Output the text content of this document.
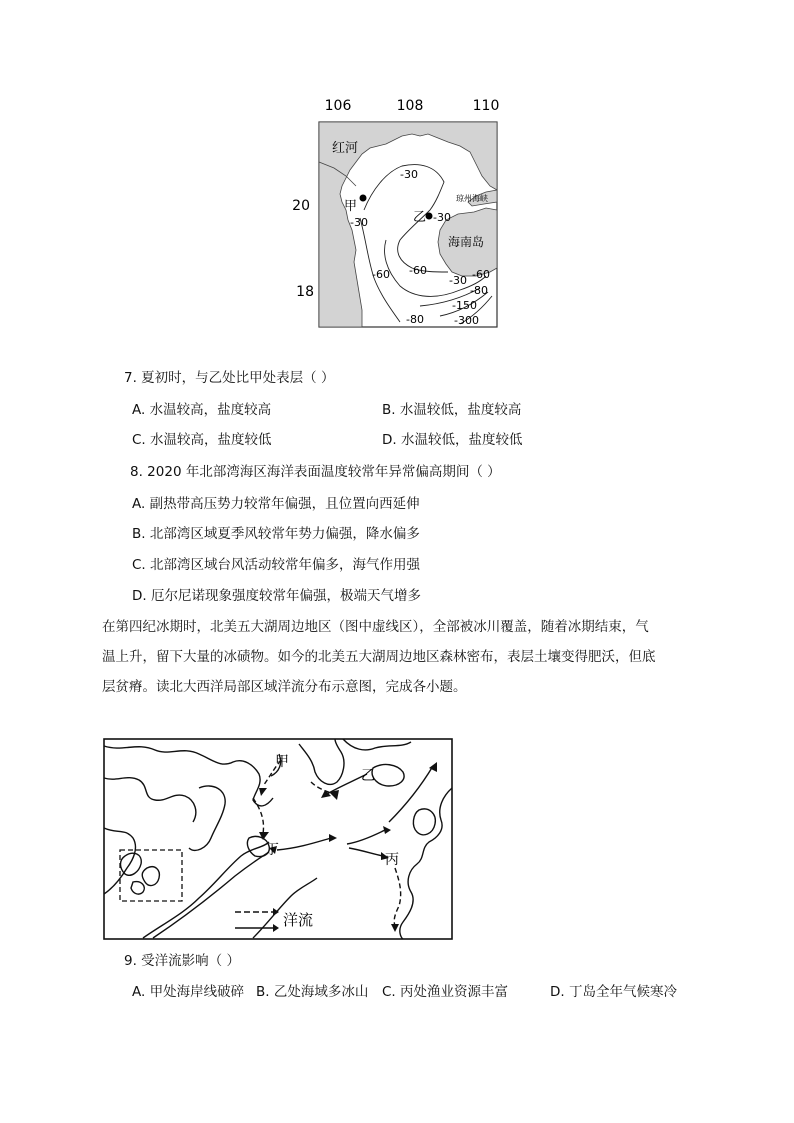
106	108	110
20
18
红河
甲
乙
琼州海峡
海南岛
-30
-30	-30
-30
-60 -60	-60
-80
-80
-150
-300
7. 夏初时，与乙处比甲处表层（ ）
A. 水温较高，盐度较高	B. 水温较低，盐度较高
C. 水温较高，盐度较低	D. 水温较低，盐度较低
8. 2020 年北部湾海区海洋表面温度较常年异常偏高期间（ ）
A. 副热带高压势力较常年偏强，且位置向西延伸
B. 北部湾区域夏季风较常年势力偏强，降水偏多
C. 北部湾区域台风活动较常年偏多，海气作用强
D. 厄尔尼诺现象强度较常年偏强，极端天气增多
在第四纪冰期时，北美五大湖周边地区（图中虚线区），全部被冰川覆盖，随着冰期结束，气温上升，留下大量的冰碛物。如今的北美五大湖周边地区森林密布，表层土壤变得肥沃，但底层贫瘠。读北大西洋局部区域洋流分布示意图，完成各小题。
甲
乙
丁
丙
洋流
9. 受洋流影响（ ）
A. 甲处海岸线破碎 B. 乙处海域多冰山 C. 丙处渔业资源丰富	D. 丁岛全年气候寒冷
